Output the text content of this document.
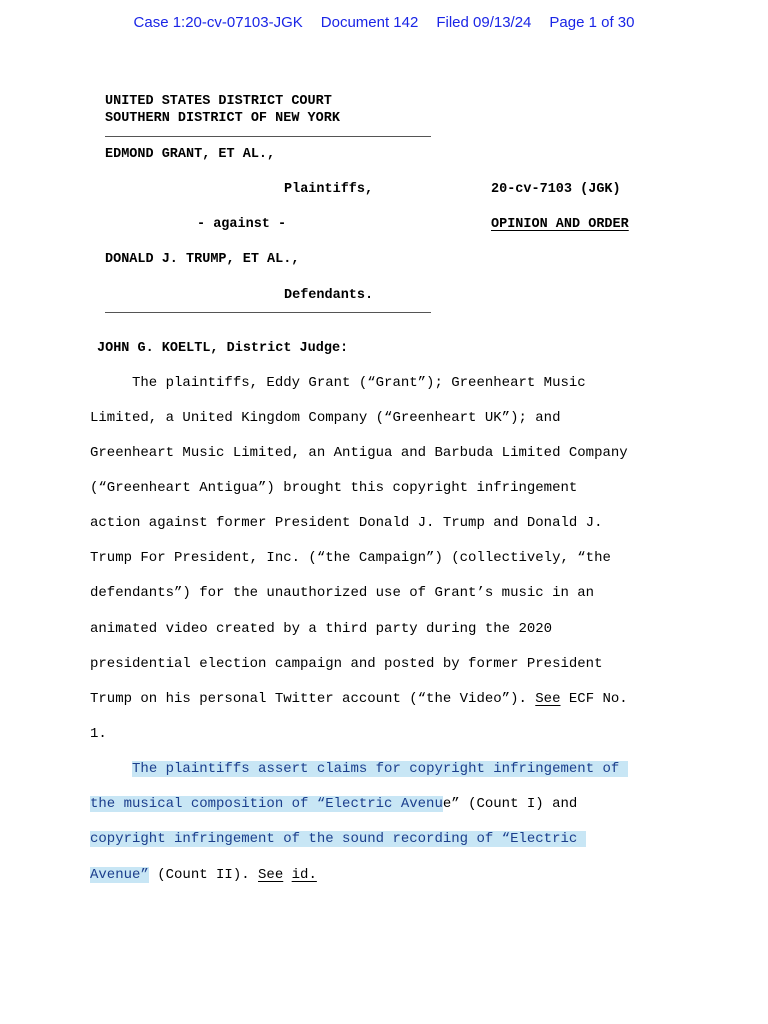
Case 1:20-cv-07103-JGK Document 142 Filed 09/13/24 Page 1 of 30
UNITED STATES DISTRICT COURT
SOUTHERN DISTRICT OF NEW YORK
EDMOND GRANT, ET AL.,
Plaintiffs,	20-cv-7103 (JGK)
- against -	OPINION AND ORDER
DONALD J. TRUMP, ET AL.,
Defendants.
JOHN G. KOELTL, District Judge:
The plaintiffs, Eddy Grant (“Grant”); Greenheart Music
Limited, a United Kingdom Company (“Greenheart UK”); and
Greenheart Music Limited, an Antigua and Barbuda Limited Company
(“Greenheart Antigua”) brought this copyright infringement
action against former President Donald J. Trump and Donald J.
Trump For President, Inc. (“the Campaign”) (collectively, “the
defendants”) for the unauthorized use of Grant’s music in an
animated video created by a third party during the 2020
presidential election campaign and posted by former President
Trump on his personal Twitter account (“the Video”). See ECF No.
1.
The plaintiffs assert claims for copyright infringement of
the musical composition of “Electric Avenue” (Count I) and
copyright infringement of the sound recording of “Electric
Avenue” (Count II). See id.
